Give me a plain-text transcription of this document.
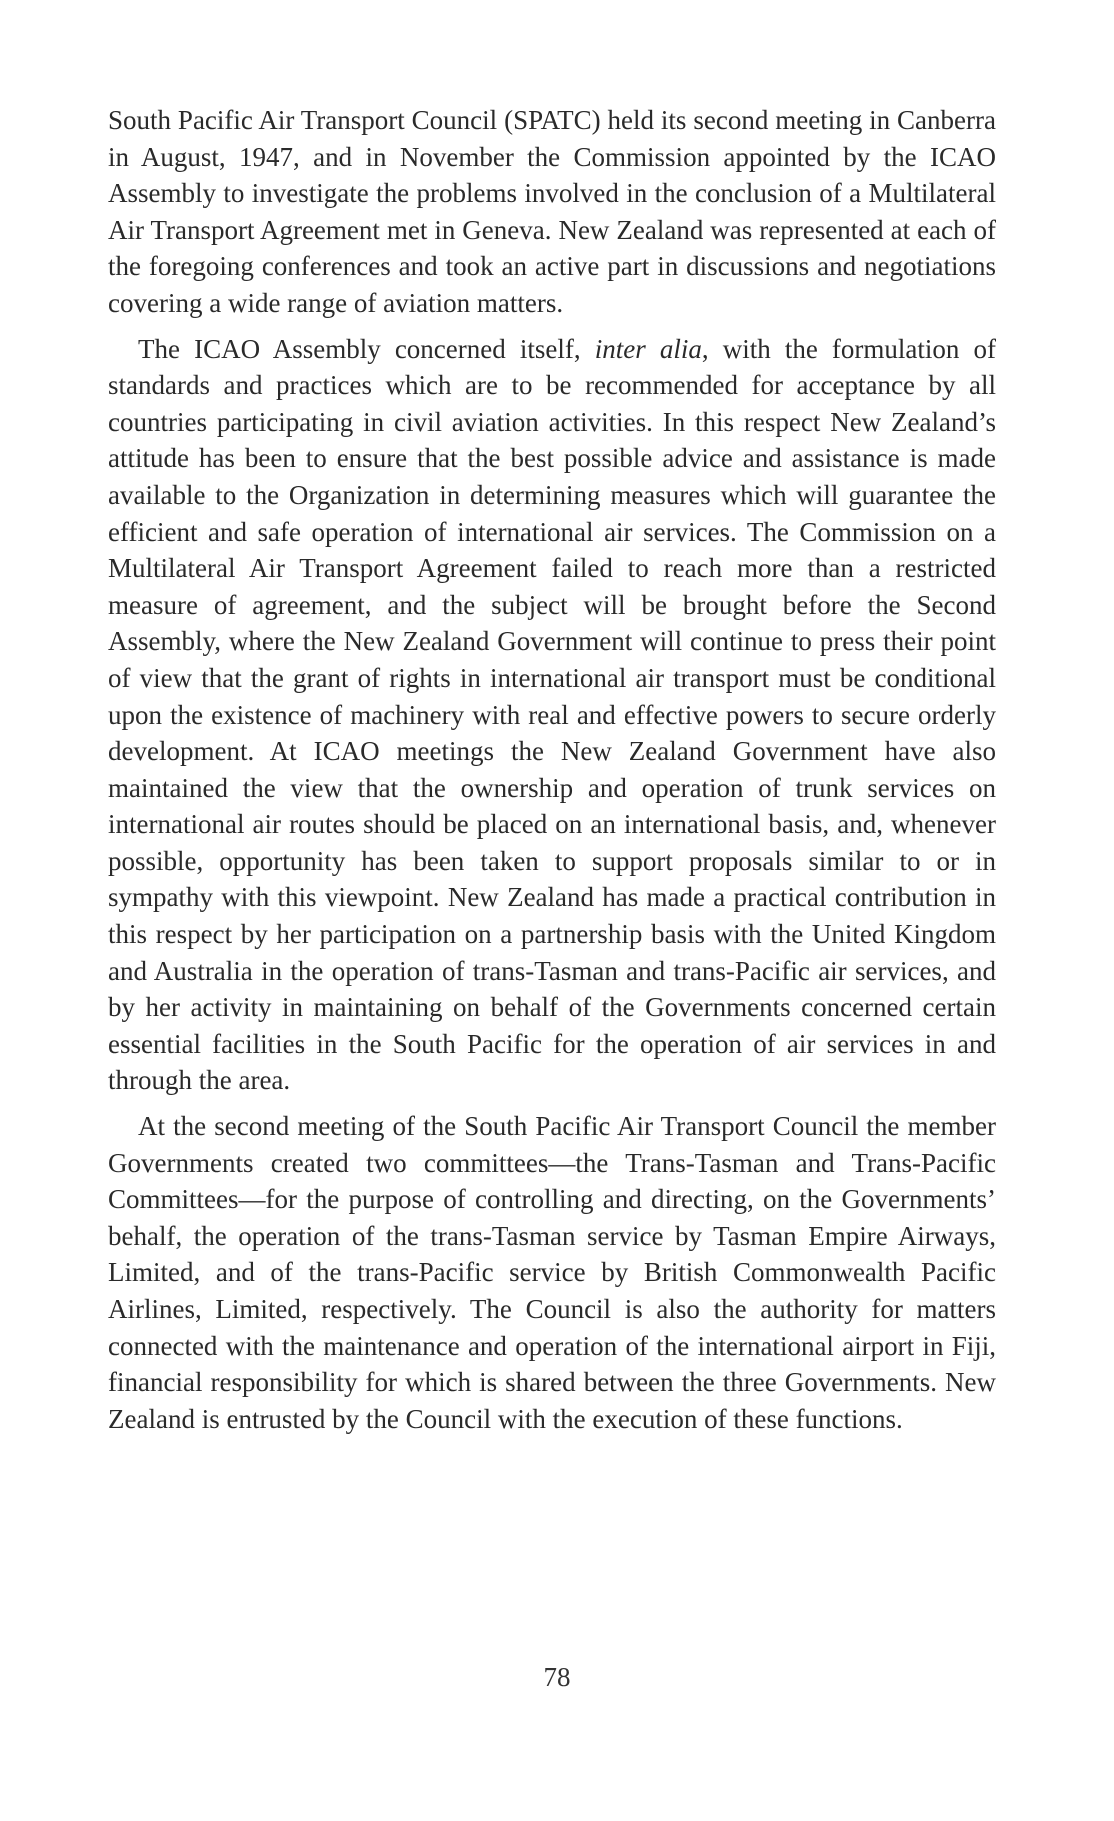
South Pacific Air Transport Council (SPATC) held its second meeting in Canberra in August, 1947, and in November the Commission appointed by the ICAO Assembly to investigate the problems involved in the conclusion of a Multilateral Air Transport Agreement met in Geneva. New Zealand was represented at each of the foregoing conferences and took an active part in discussions and negotiations covering a wide range of aviation matters.

The ICAO Assembly concerned itself, inter alia, with the formulation of standards and practices which are to be recommended for acceptance by all countries participating in civil aviation activities. In this respect New Zealand’s attitude has been to ensure that the best possible advice and assistance is made available to the Organization in determining measures which will guarantee the efficient and safe operation of international air services. The Commission on a Multilateral Air Transport Agreement failed to reach more than a restricted measure of agreement, and the subject will be brought before the Second Assembly, where the New Zealand Government will continue to press their point of view that the grant of rights in international air transport must be conditional upon the existence of machinery with real and effective powers to secure orderly development. At ICAO meetings the New Zealand Government have also maintained the view that the ownership and operation of trunk services on international air routes should be placed on an international basis, and, whenever possible, opportunity has been taken to support proposals similar to or in sympathy with this viewpoint. New Zealand has made a practical contribution in this respect by her participation on a partnership basis with the United Kingdom and Australia in the operation of trans-Tasman and trans-Pacific air services, and by her activity in maintaining on behalf of the Governments concerned certain essential facilities in the South Pacific for the operation of air services in and through the area.

At the second meeting of the South Pacific Air Transport Council the member Governments created two committees—the Trans-Tasman and Trans-Pacific Committees—for the purpose of controlling and directing, on the Governments’ behalf, the operation of the trans-Tasman service by Tasman Empire Airways, Limited, and of the trans-Pacific service by British Commonwealth Pacific Airlines, Limited, respectively. The Council is also the authority for matters connected with the maintenance and operation of the international airport in Fiji, financial responsibility for which is shared between the three Governments. New Zealand is entrusted by the Council with the execution of these functions.

78
